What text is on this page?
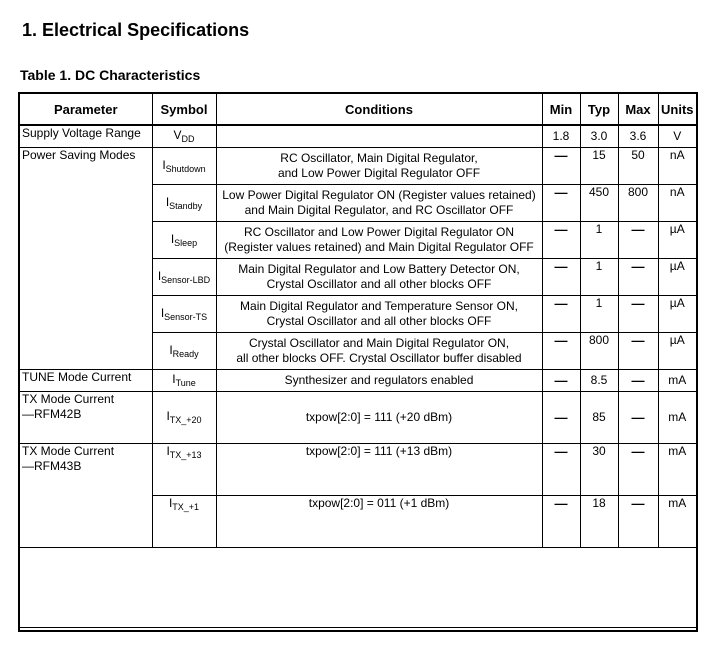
1. Electrical Specifications
Table 1. DC Characteristics
Parameter	Symbol	Conditions	Min	Typ	Max	Units
Supply Voltage Range	$V_{DD}$		1.8	3.0	3.6	V
Power Saving Modes	$I_{Shutdown}$	RC Oscillator, Main Digital Regulator,
and Low Power Digital Regulator OFF	—	15	50	nA
	$I_{Standby}$	Low Power Digital Regulator ON (Register values retained)
and Main Digital Regulator, and RC Oscillator OFF	—	450	800	nA
	$I_{Sleep}$	RC Oscillator and Low Power Digital Regulator ON
(Register values retained) and Main Digital Regulator OFF	—	1	—	µA
	$I_{Sensor-LBD}$	Main Digital Regulator and Low Battery Detector ON,
Crystal Oscillator and all other blocks OFF	—	1	—	µA
	$I_{Sensor-TS}$	Main Digital Regulator and Temperature Sensor ON,
Crystal Oscillator and all other blocks OFF	—	1	—	µA
	$I_{Ready}$	Crystal Oscillator and Main Digital Regulator ON,
all other blocks OFF. Crystal Oscillator buffer disabled	—	800	—	µA
TUNE Mode Current	$I_{Tune}$	Synthesizer and regulators enabled	—	8.5	—	mA
TX Mode Current
—RFM42B	$I_{TX\_+20}$	txpow[2:0] = 111 (+20 dBm)	—	85	—	mA
TX Mode Current
—RFM43B	$I_{TX\_+13}$	txpow[2:0] = 111 (+13 dBm)	—	30	—	mA
	$I_{TX\_+1}$	txpow[2:0] = 011 (+1 dBm)	—	18	—	mA
